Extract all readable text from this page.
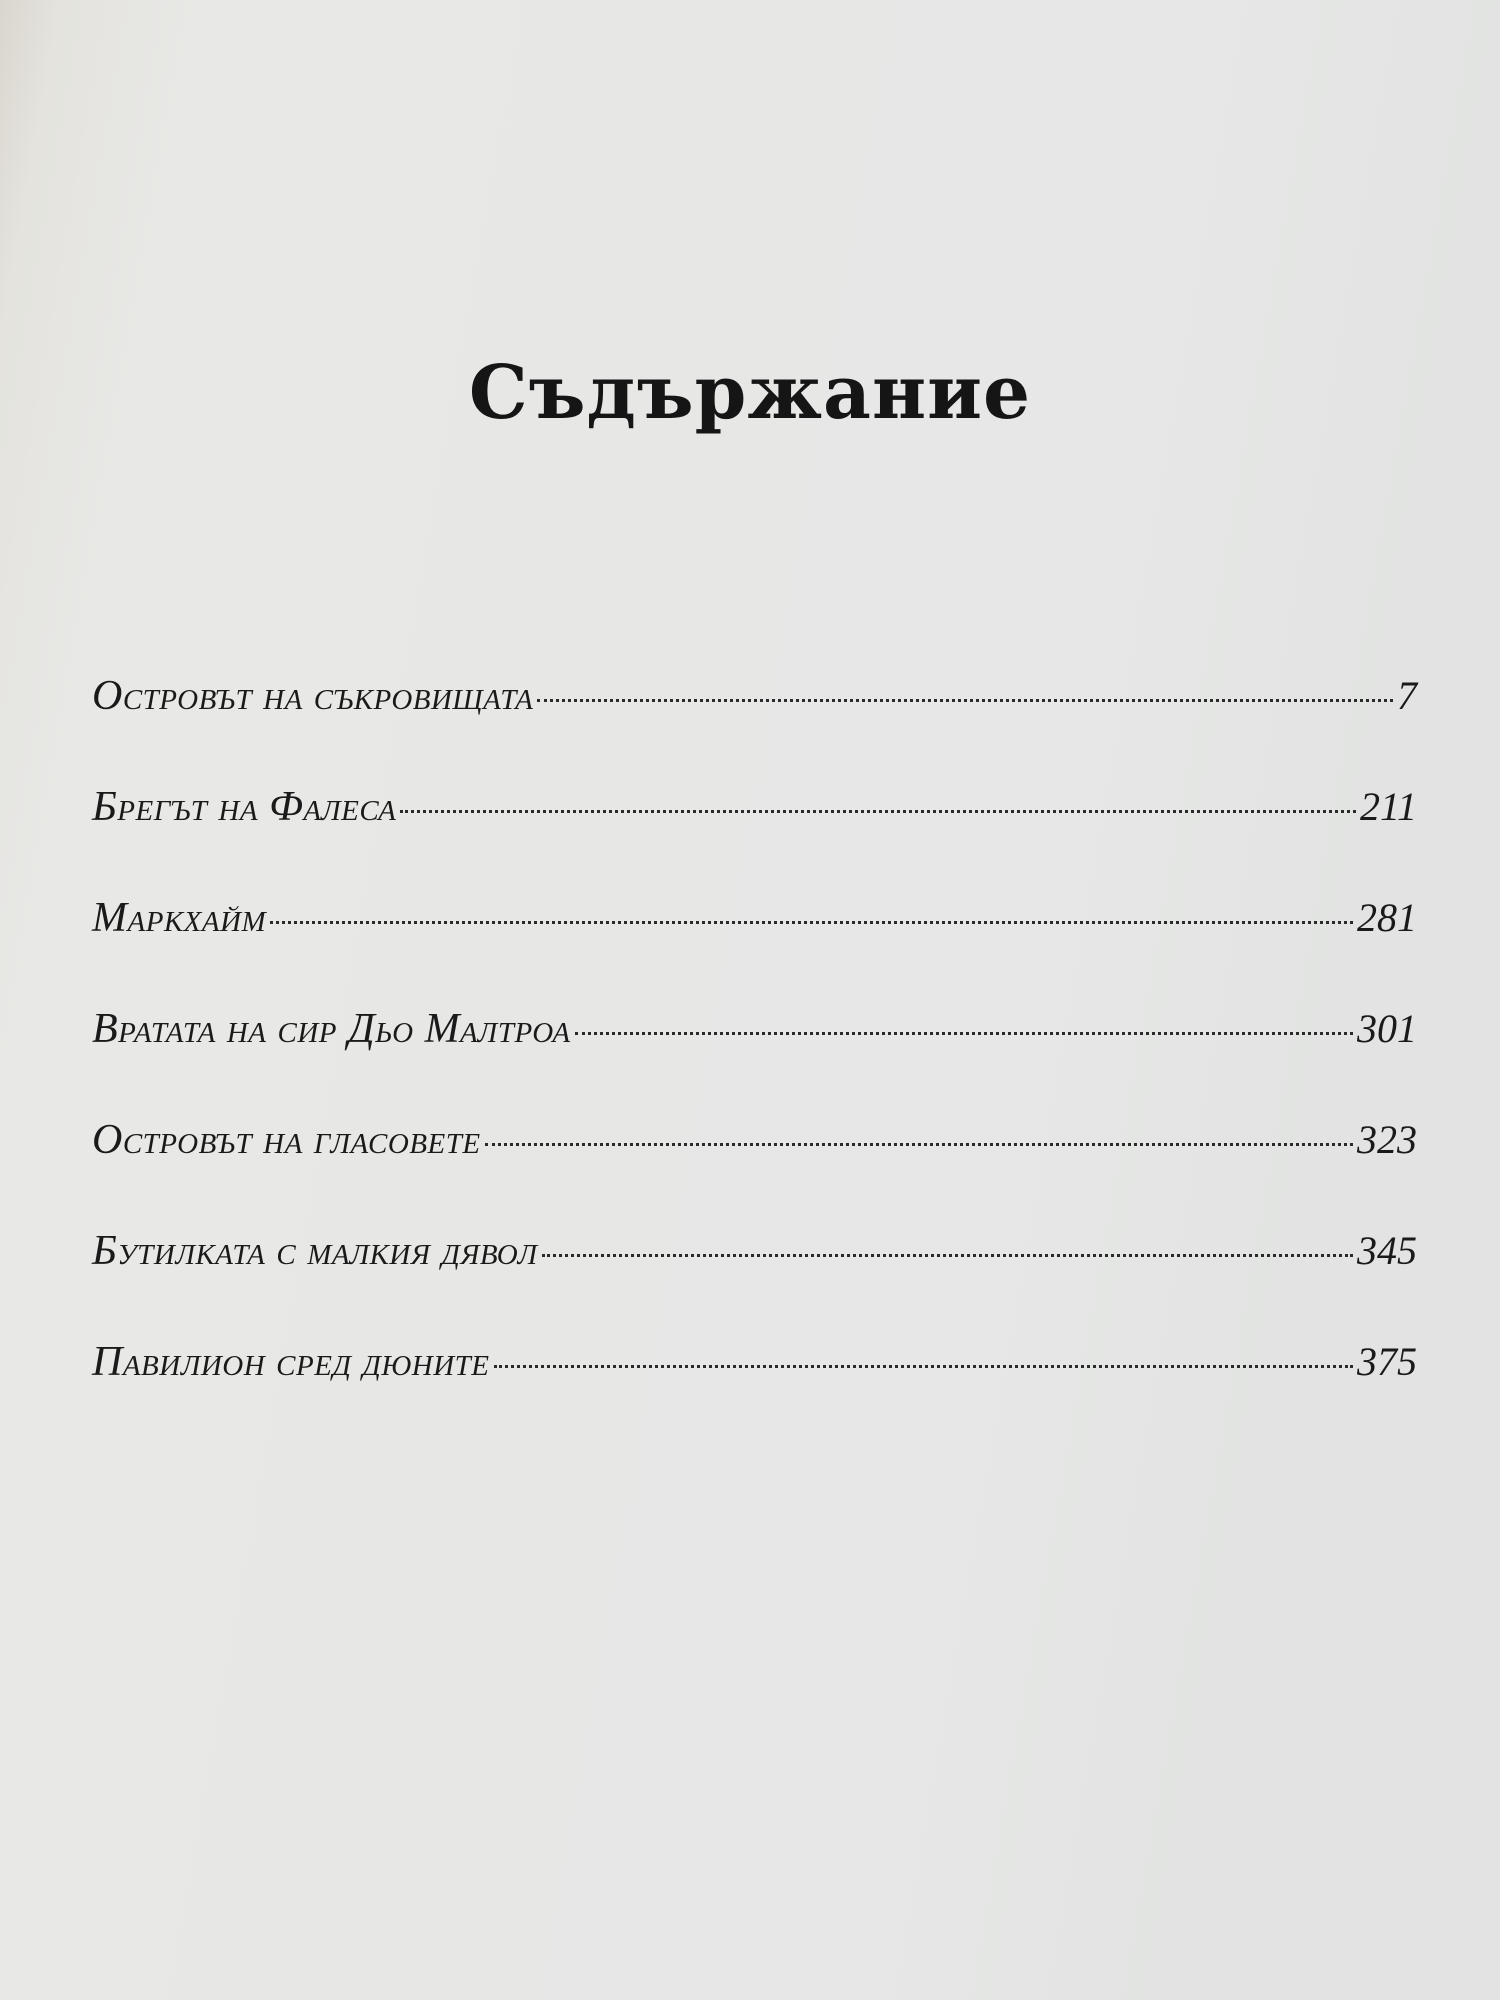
Съдържание
Островът на съкровищата	7
Брегът на Фалеса	211
Маркхайм	281
Вратата на сир Дьо Малтроа	301
Островът на гласовете	323
Бутилката с малкия дявол	345
Павилион сред дюните	375
